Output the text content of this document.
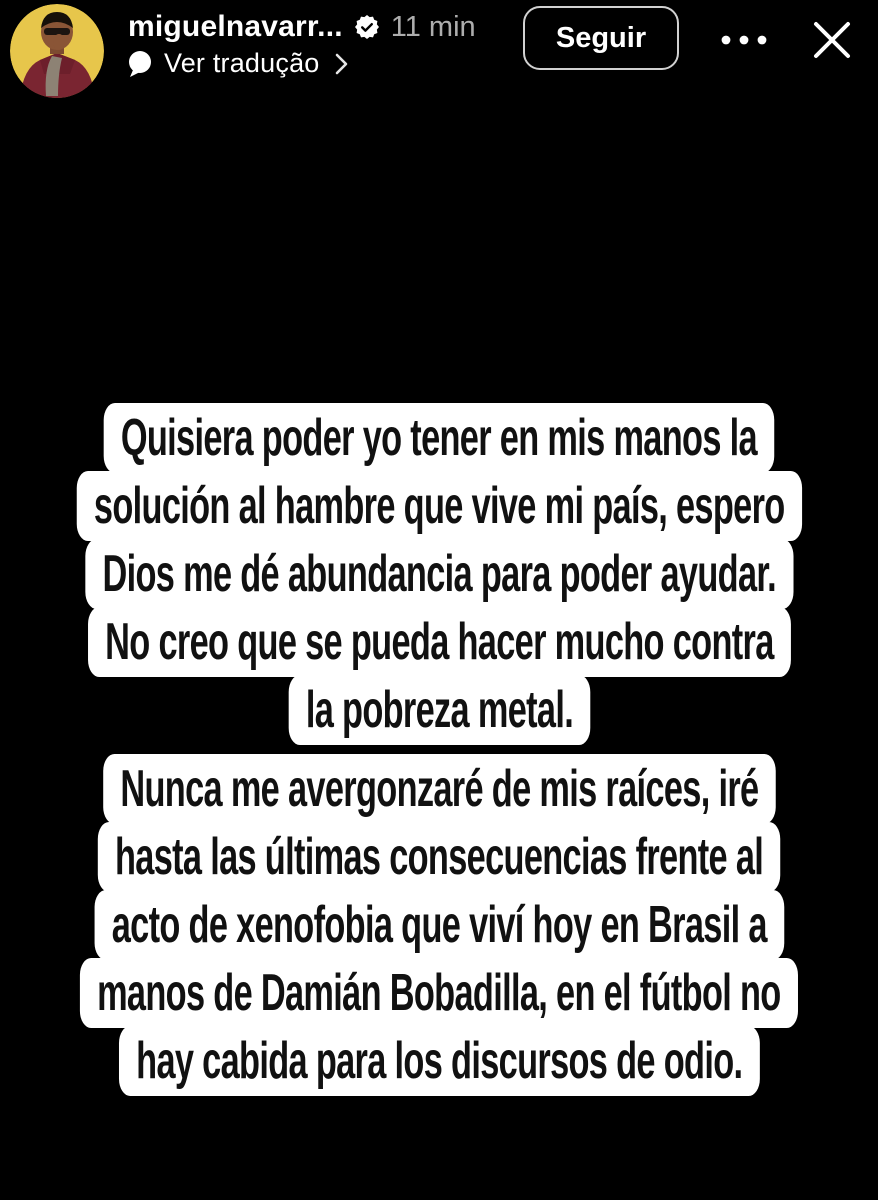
miguelnavarr... 11 min
Ver tradução
Seguir
Quisiera poder yo tener en mis manos la
solución al hambre que vive mi país, espero
Dios me dé abundancia para poder ayudar.
No creo que se pueda hacer mucho contra
la pobreza metal.
Nunca me avergonzaré de mis raíces, iré
hasta las últimas consecuencias frente al
acto de xenofobia que viví hoy en Brasil a
manos de Damián Bobadilla, en el fútbol no
hay cabida para los discursos de odio.
